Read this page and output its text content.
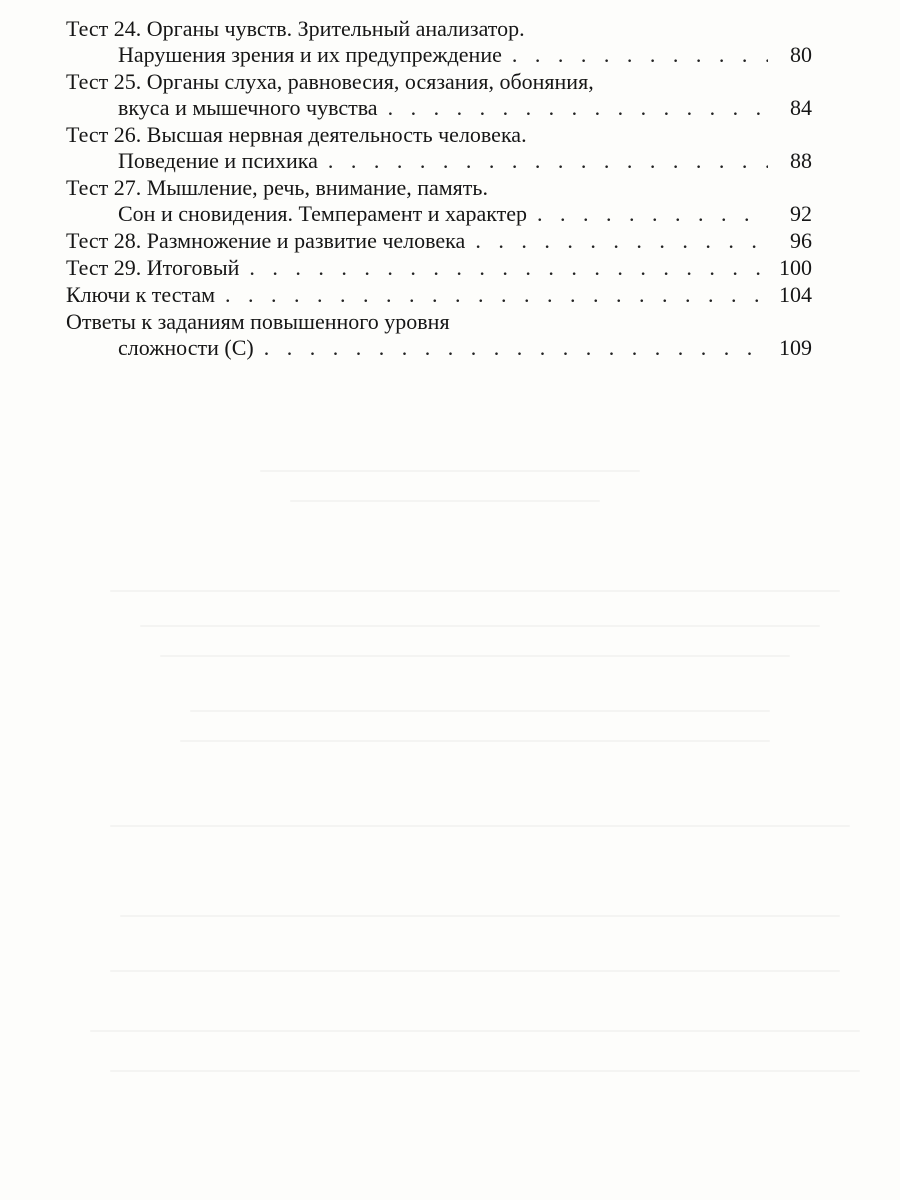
Тест 24. Органы чувств. Зрительный анализатор.
Нарушения зрения и их предупреждение . . .	80
Тест 25. Органы слуха, равновесия, осязания, обоняния,
вкуса и мышечного чувства . . .	84
Тест 26. Высшая нервная деятельность человека.
Поведение и психика . . .	88
Тест 27. Мышление, речь, внимание, память.
Сон и сновидения. Темперамент и характер . . .	92
Тест 28. Размножение и развитие человека . . .	96
Тест 29. Итоговый . . .	100
Ключи к тестам . . .	104
Ответы к заданиям повышенного уровня
сложности (С) . . .	109
